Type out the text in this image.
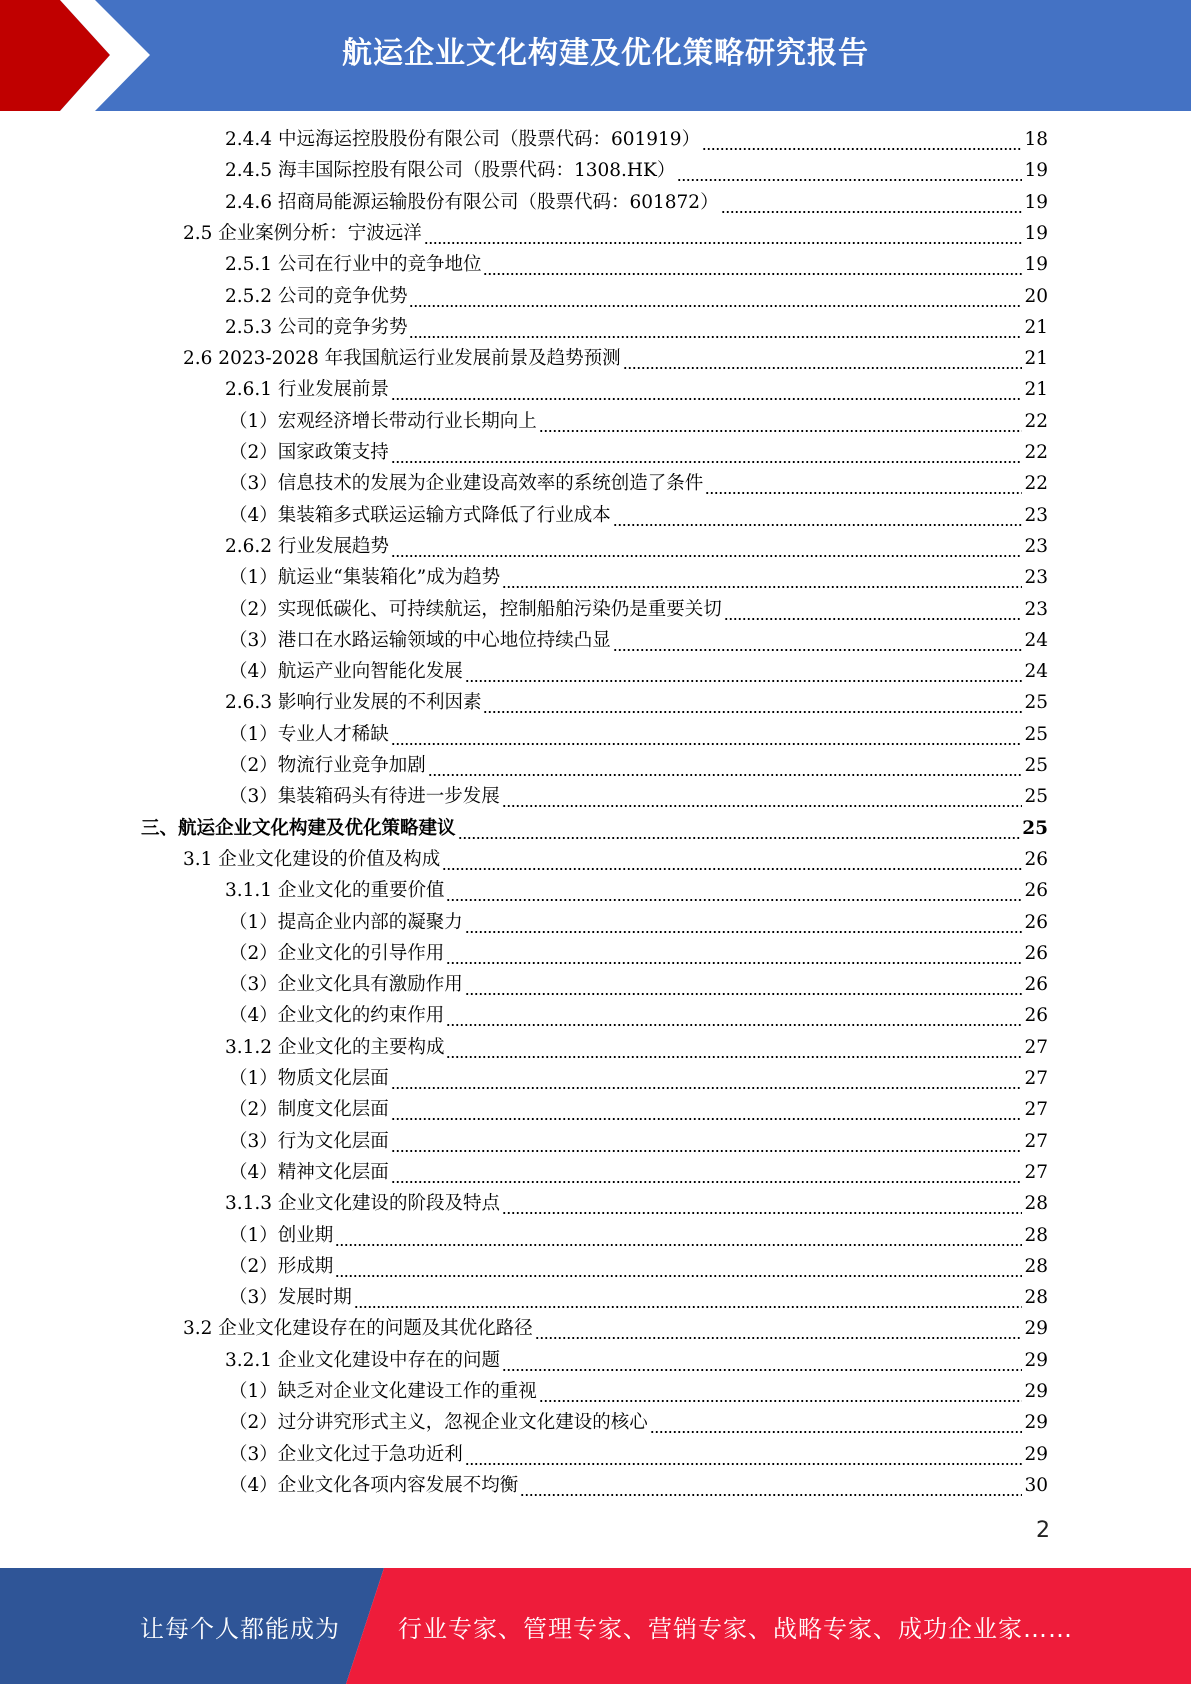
航运企业文化构建及优化策略研究报告
2.4.4 中远海运控股股份有限公司（股票代码：601919）	18
2.4.5 海丰国际控股有限公司（股票代码：1308.HK）	19
2.4.6 招商局能源运输股份有限公司（股票代码：601872）	19
2.5 企业案例分析：宁波远洋	19
2.5.1 公司在行业中的竞争地位	19
2.5.2 公司的竞争优势	20
2.5.3 公司的竞争劣势	21
2.6 2023-2028 年我国航运行业发展前景及趋势预测	21
2.6.1 行业发展前景	21
（1）宏观经济增长带动行业长期向上	22
（2）国家政策支持	22
（3）信息技术的发展为企业建设高效率的系统创造了条件	22
（4）集装箱多式联运运输方式降低了行业成本	23
2.6.2 行业发展趋势	23
（1）航运业“集装箱化”成为趋势	23
（2）实现低碳化、可持续航运，控制船舶污染仍是重要关切	23
（3）港口在水路运输领域的中心地位持续凸显	24
（4）航运产业向智能化发展	24
2.6.3 影响行业发展的不利因素	25
（1）专业人才稀缺	25
（2）物流行业竞争加剧	25
（3）集装箱码头有待进一步发展	25
三、航运企业文化构建及优化策略建议	25
3.1 企业文化建设的价值及构成	26
3.1.1 企业文化的重要价值	26
（1）提高企业内部的凝聚力	26
（2）企业文化的引导作用	26
（3）企业文化具有激励作用	26
（4）企业文化的约束作用	26
3.1.2 企业文化的主要构成	27
（1）物质文化层面	27
（2）制度文化层面	27
（3）行为文化层面	27
（4）精神文化层面	27
3.1.3 企业文化建设的阶段及特点	28
（1）创业期	28
（2）形成期	28
（3）发展时期	28
3.2 企业文化建设存在的问题及其优化路径	29
3.2.1 企业文化建设中存在的问题	29
（1）缺乏对企业文化建设工作的重视	29
（2）过分讲究形式主义，忽视企业文化建设的核心	29
（3）企业文化过于急功近利	29
（4）企业文化各项内容发展不均衡	30
2
让每个人都能成为 行业专家、管理专家、营销专家、战略专家、成功企业家……
